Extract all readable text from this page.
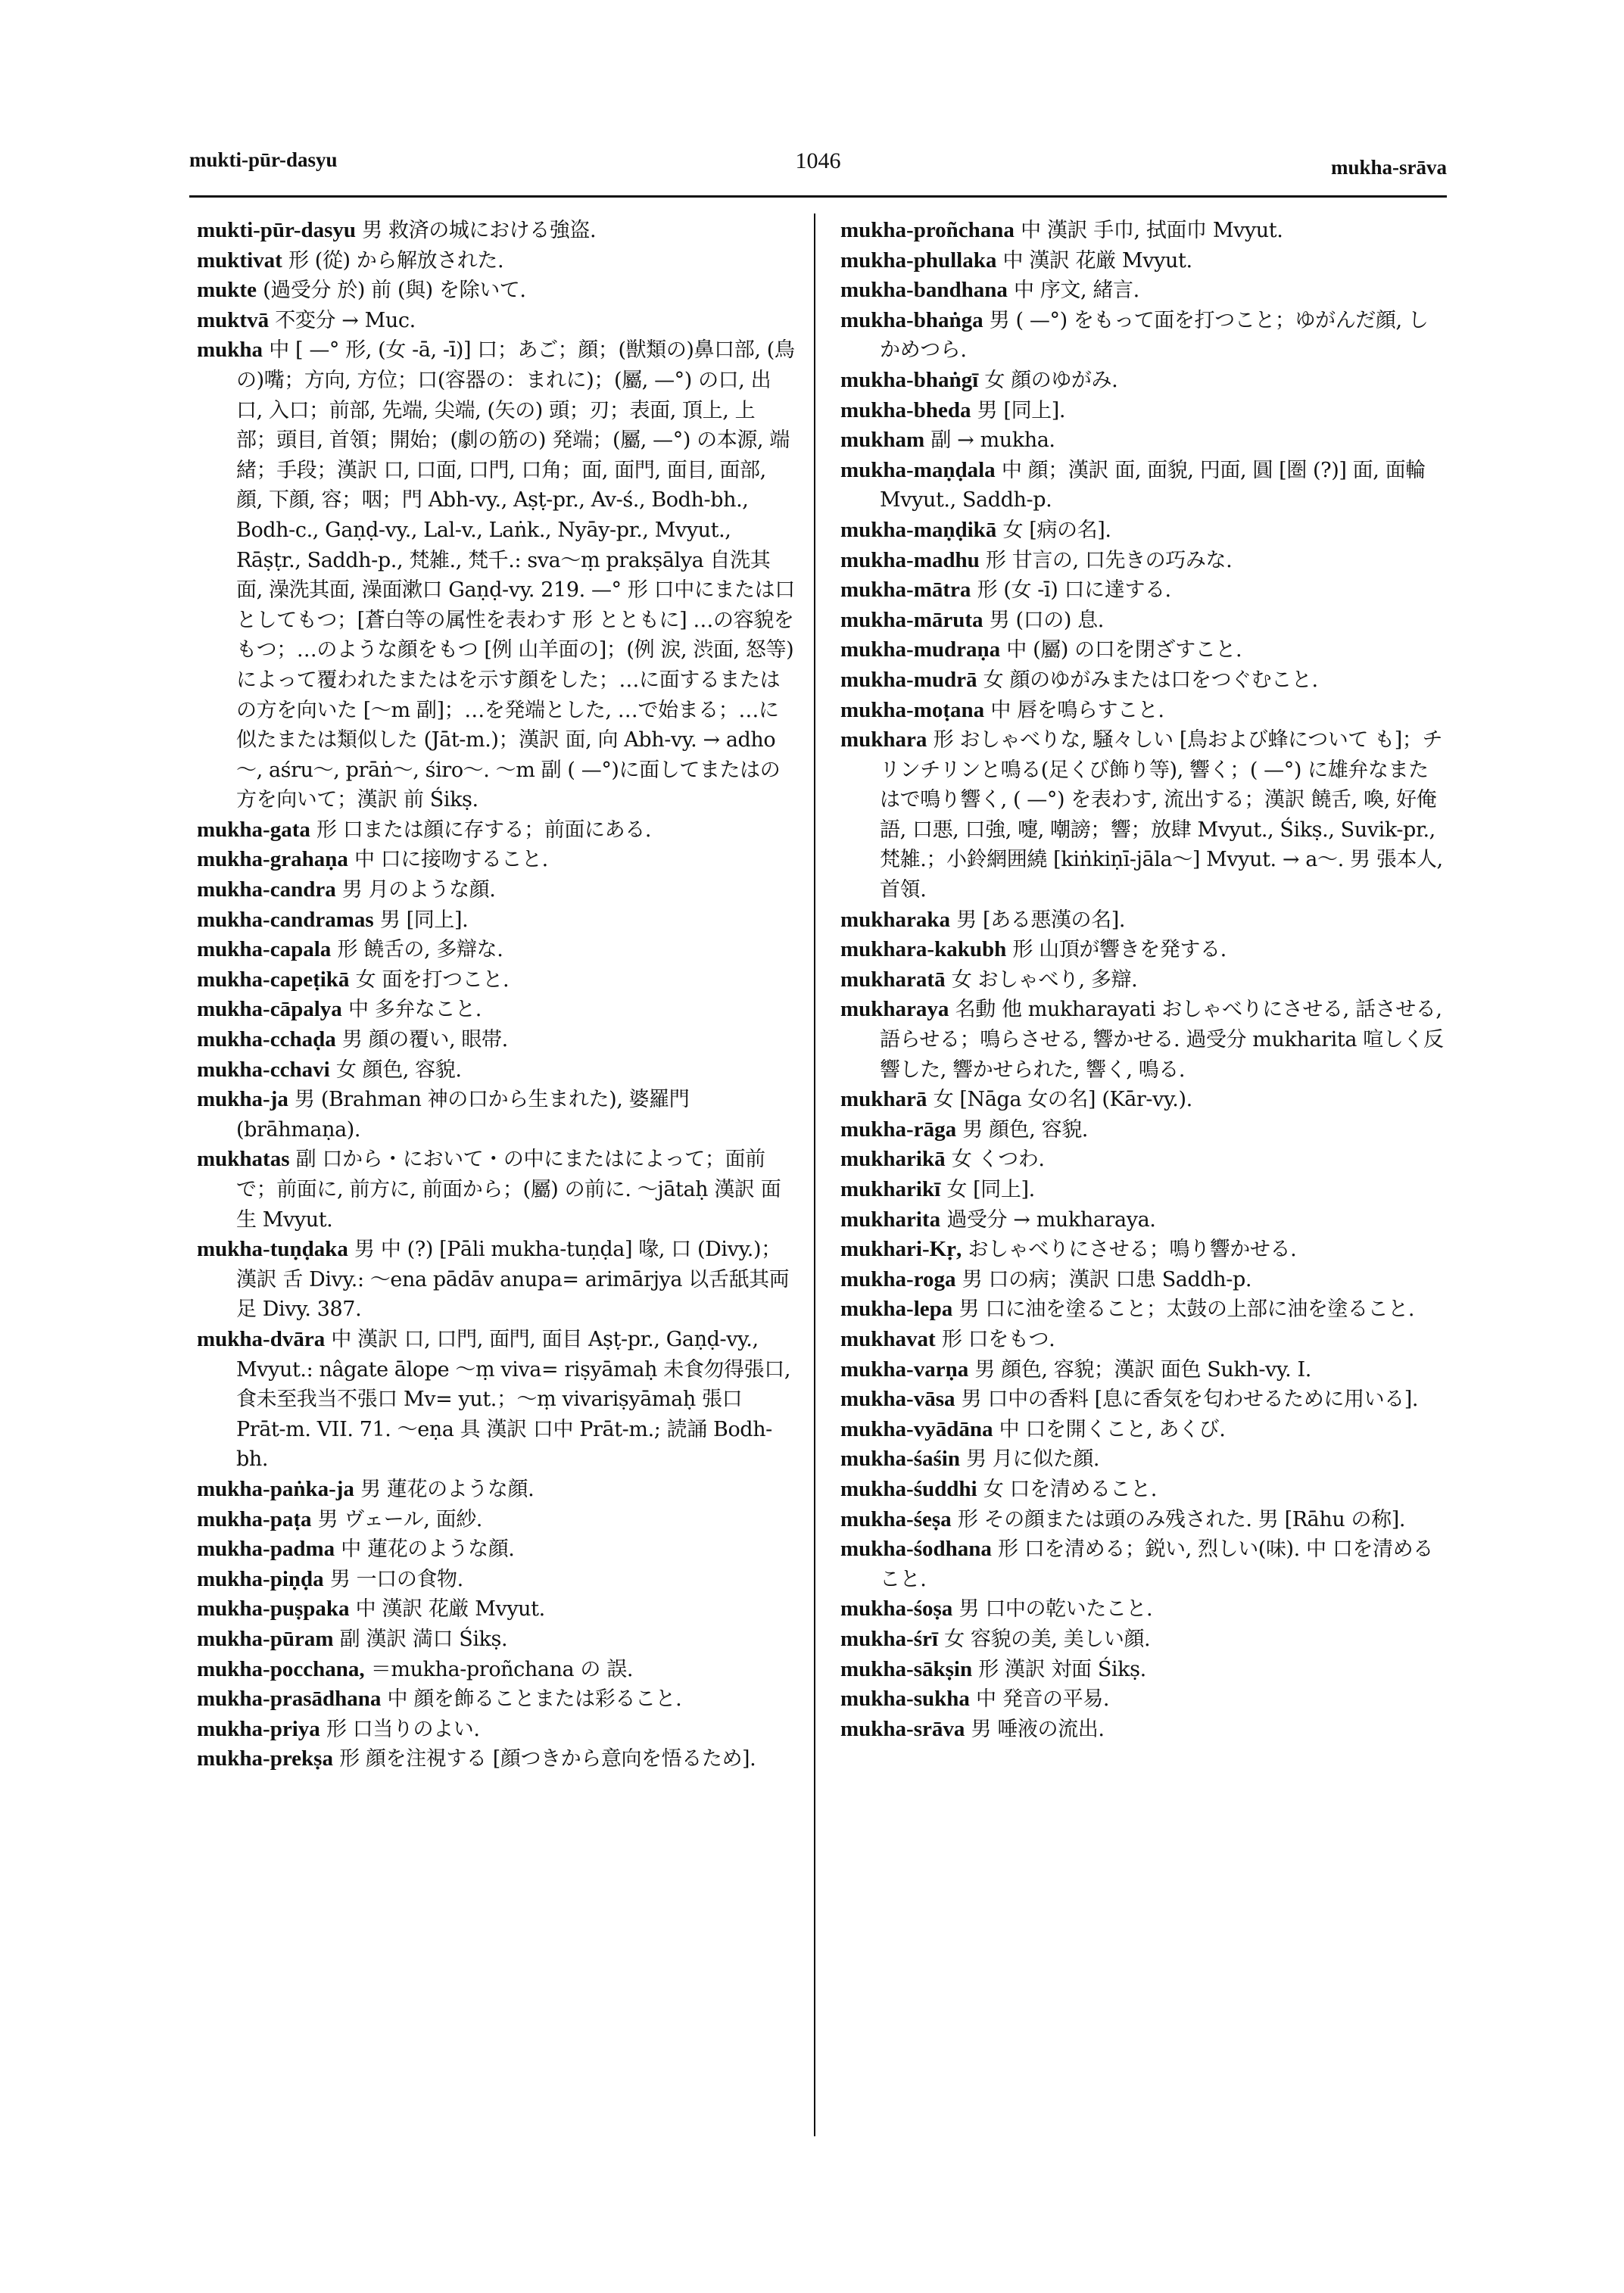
mukti-pūr-dasyu	1046	mukha-srāva

mukti-pūr-dasyu 男 救済の城における強盗.

muktivat 形 (從) から解放された.

mukte (過受分 於) 前 (與) を除いて.

muktvā 不変分 → Muc.

mukha 中 [ —° 形, (女 -ā, -ī)] 口；あご；顔；(獣類の)鼻口部, (鳥の)嘴；方向, 方位；口(容器の：まれに)；(屬, —°) の口, 出口, 入口；前部, 先端, 尖端, (矢の) 頭；刃；表面, 頂上, 上部；頭目, 首領；開始；(劇の筋の) 発端；(屬, —°) の本源, 端緒；手段；漢訳 口, 口面, 口門, 口角；面, 面門, 面目, 面部, 顔, 下顔, 容；咽；門 Abh-vy., Aṣṭ-pr., Av-ś., Bodh-bh., Bodh-c., Gaṇḍ-vy., Lal-v., Laṅk., Nyāy-pr., Mvyut., Rāṣṭr., Saddh-p., 梵雑., 梵千.: sva～ṃ prakṣālya 自洗其面, 澡洗其面, 澡面漱口 Gaṇḍ-vy. 219. —° 形 口中にまたは口としてもつ；[蒼白等の属性を表わす 形 とともに] …の容貌をもつ；…のような顔をもつ [例 山羊面の]；(例 涙, 渋面, 怒等) によって覆われたまたはを示す顔をした；…に面するまたはの方を向いた [～m 副]；…を発端とした, …で始まる；…に似たまたは類似した (Jāt-m.)；漢訳 面, 向 Abh-vy. → adho～, aśru～, prāṅ～, śiro～. ～m 副 ( —°)に面してまたはの方を向いて；漢訳 前 Śikṣ.

mukha-gata 形 口または顔に存する；前面にある.

mukha-grahaṇa 中 口に接吻すること.

mukha-candra 男 月のような顔.

mukha-candramas 男 [同上].

mukha-capala 形 饒舌の, 多辯な.

mukha-capeṭikā 女 面を打つこと.

mukha-cāpalya 中 多弁なこと.

mukha-cchaḍa 男 顔の覆い, 眼帯.

mukha-cchavi 女 顔色, 容貌.

mukha-ja 男 (Brahman 神の口から生まれた), 婆羅門 (brāhmaṇa).

mukhatas 副 口から・において・の中にまたはによって；面前で；前面に, 前方に, 前面から；(屬) の前に. ～jātaḥ 漢訳 面生 Mvyut.

mukha-tuṇḍaka 男 中 (?) [Pāli mukha-tuṇḍa] 喙, 口 (Divy.)；漢訳 舌 Divy.: ～ena pādāv anupa= arimārjya 以舌舐其両足 Divy. 387.

mukha-dvāra 中 漢訳 口, 口門, 面門, 面目 Aṣṭ-pr., Gaṇḍ-vy., Mvyut.: nâgate ālope ～ṃ viva= riṣyāmaḥ 未食勿得張口, 食未至我当不張口 Mv= yut.；～ṃ vivariṣyāmaḥ 張口 Prāt-m. VII. 71. ～eṇa 具 漢訳 口中 Prāt-m.; 読誦 Bodh-bh.

mukha-paṅka-ja 男 蓮花のような顔.

mukha-paṭa 男 ヴェール, 面紗.

mukha-padma 中 蓮花のような顔.

mukha-piṇḍa 男 一口の食物.

mukha-puṣpaka 中 漢訳 花厳 Mvyut.

mukha-pūram 副 漢訳 満口 Śikṣ.

mukha-pocchana, ＝mukha-proñchana の 誤.

mukha-prasādhana 中 顔を飾ることまたは彩ること.

mukha-priya 形 口当りのよい.

mukha-prekṣa 形 顔を注視する [顔つきから意向を悟るため].

mukha-proñchana 中 漢訳 手巾, 拭面巾 Mvyut.

mukha-phullaka 中 漢訳 花厳 Mvyut.

mukha-bandhana 中 序文, 緒言.

mukha-bhaṅga 男 ( —°) をもって面を打つこと；ゆがんだ顔, しかめつら.

mukha-bhaṅgī 女 顔のゆがみ.

mukha-bheda 男 [同上].

mukham 副 → mukha.

mukha-maṇḍala 中 顔；漢訳 面, 面貌, 円面, 圓 [圏 (?)] 面, 面輪 Mvyut., Saddh-p.

mukha-maṇḍikā 女 [病の名].

mukha-madhu 形 甘言の, 口先きの巧みな.

mukha-mātra 形 (女 -ī) 口に達する.

mukha-māruta 男 (口の) 息.

mukha-mudraṇa 中 (屬) の口を閉ざすこと.

mukha-mudrā 女 顔のゆがみまたは口をつぐむこと.

mukha-moṭana 中 唇を鳴らすこと.

mukhara 形 おしゃべりな, 騒々しい [鳥および蜂について も]；チリンチリンと鳴る(足くび飾り等), 響く；( —°) に雄弁なまたはで鳴り響く, ( —°) を表わす, 流出する；漢訳 饒舌, 喚, 好俺語, 口悪, 口強, 嚏, 嘲謗；響；放肆 Mvyut., Śikṣ., Suvik-pr., 梵雑.；小鈴網囲繞 [kiṅkiṇī-jāla～] Mvyut. → a～. 男 張本人, 首領.

mukharaka 男 [ある悪漢の名].

mukhara-kakubh 形 山頂が響きを発する.

mukharatā 女 おしゃべり, 多辯.

mukharaya 名動 他 mukharayati おしゃべりにさせる, 話させる, 語らせる；鳴らさせる, 響かせる. 過受分 mukharita 喧しく反響した, 響かせられた, 響く, 鳴る.

mukharā 女 [Nāga 女の名] (Kār-vy.).

mukha-rāga 男 顔色, 容貌.

mukharikā 女 くつわ.

mukharikī 女 [同上].

mukharita 過受分 → mukharaya.

mukhari-Kṛ, おしゃべりにさせる；鳴り響かせる.

mukha-roga 男 口の病；漢訳 口患 Saddh-p.

mukha-lepa 男 口に油を塗ること；太鼓の上部に油を塗ること.

mukhavat 形 口をもつ.

mukha-varṇa 男 顔色, 容貌；漢訳 面色 Sukh-vy. I.

mukha-vāsa 男 口中の香料 [息に香気を匂わせるために用いる].

mukha-vyādāna 中 口を開くこと, あくび.

mukha-śaśin 男 月に似た顔.

mukha-śuddhi 女 口を清めること.

mukha-śeṣa 形 その顔または頭のみ残された. 男 [Rāhu の称].

mukha-śodhana 形 口を清める；鋭い, 烈しい(味). 中 口を清めること.

mukha-śoṣa 男 口中の乾いたこと.

mukha-śrī 女 容貌の美, 美しい顔.

mukha-sākṣin 形 漢訳 対面 Śikṣ.

mukha-sukha 中 発音の平易.

mukha-srāva 男 唾液の流出.
